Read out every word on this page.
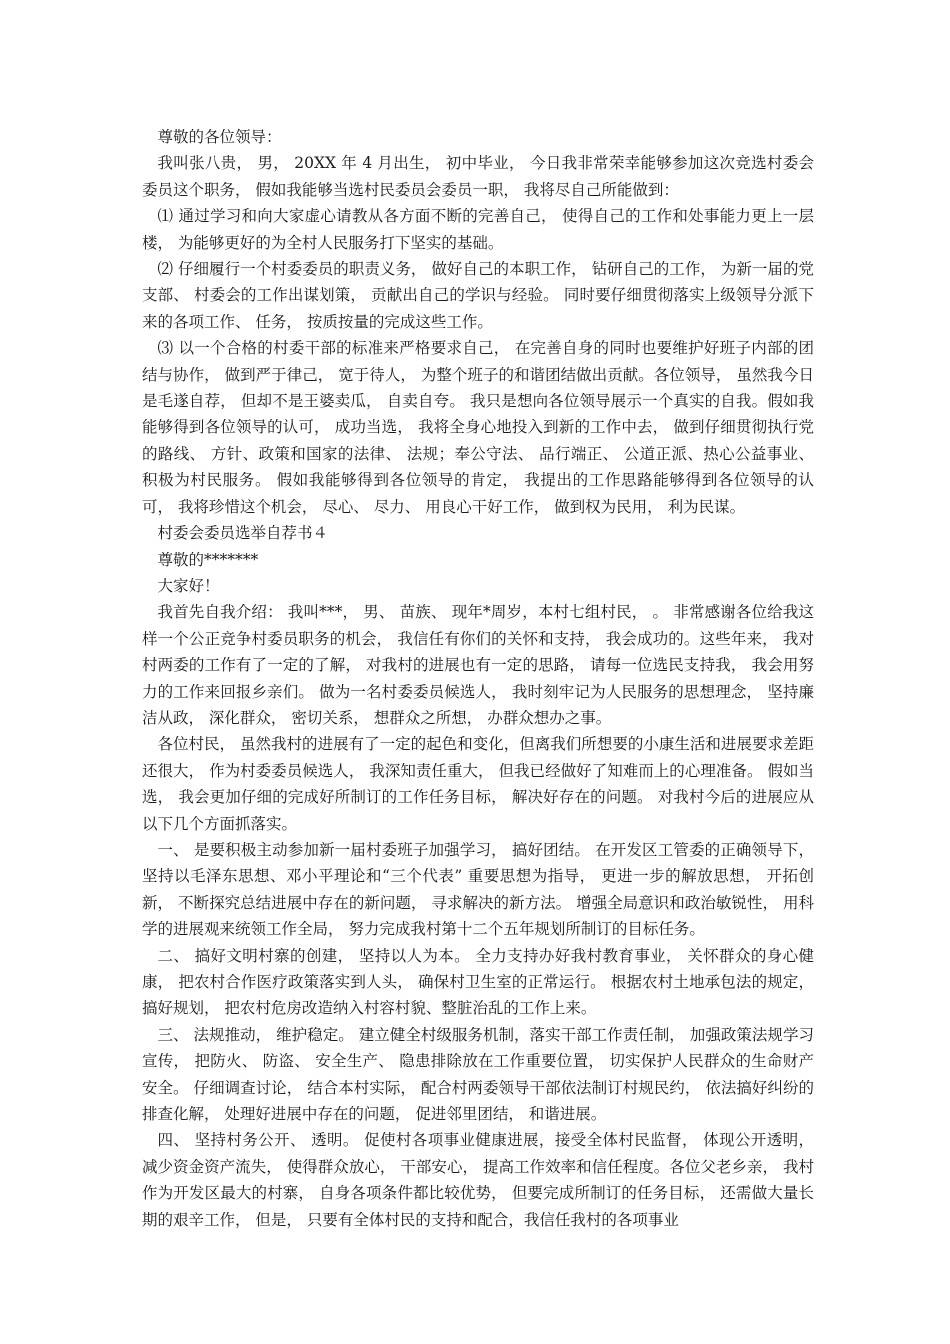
尊敬的各位领导：

我叫张八贵， 男， 20XX 年 4 月出生， 初中毕业， 今日我非常荣幸能够参加这次竞选村委会委员这个职务， 假如我能够当选村民委员会委员一职， 我将尽自己所能做到：

⑴ 通过学习和向大家虚心请教从各方面不断的完善自己， 使得自己的工作和处事能力更上一层楼， 为能够更好的为全村人民服务打下坚实的基础。

⑵ 仔细履行一个村委委员的职责义务， 做好自己的本职工作， 钻研自己的工作， 为新一届的党支部、 村委会的工作出谋划策， 贡献出自己的学识与经验。 同时要仔细贯彻落实上级领导分派下来的各项工作、 任务， 按质按量的完成这些工作。

⑶ 以一个合格的村委干部的标准来严格要求自己， 在完善自身的同时也要维护好班子内部的团结与协作， 做到严于律己， 宽于待人， 为整个班子的和谐团结做出贡献。各位领导， 虽然我今日是毛遂自荐， 但却不是王婆卖瓜， 自卖自夸。 我只是想向各位领导展示一个真实的自我。假如我能够得到各位领导的认可， 成功当选， 我将全身心地投入到新的工作中去， 做到仔细贯彻执行党的路线、 方针、政策和国家的法律、 法规；奉公守法、 品行端正、 公道正派、热心公益事业、 积极为村民服务。 假如我能够得到各位领导的肯定， 我提出的工作思路能够得到各位领导的认可， 我将珍惜这个机会， 尽心、 尽力、 用良心干好工作， 做到权为民用， 利为民谋。

村委会委员选举自荐书４

尊敬的*******

大家好！

我首先自我介绍： 我叫***， 男、 苗族、 现年*周岁，本村七组村民， 。 非常感谢各位给我这样一个公正竞争村委员职务的机会， 我信任有你们的关怀和支持， 我会成功的。这些年来， 我对村两委的工作有了一定的了解， 对我村的进展也有一定的思路， 请每一位选民支持我， 我会用努力的工作来回报乡亲们。 做为一名村委委员候选人， 我时刻牢记为人民服务的思想理念， 坚持廉洁从政， 深化群众， 密切关系， 想群众之所想， 办群众想办之事。

各位村民， 虽然我村的进展有了一定的起色和变化，但离我们所想要的小康生活和进展要求差距还很大， 作为村委委员候选人， 我深知责任重大， 但我已经做好了知难而上的心理准备。 假如当选， 我会更加仔细的完成好所制订的工作任务目标， 解决好存在的问题。 对我村今后的进展应从以下几个方面抓落实。

一、 是要积极主动参加新一届村委班子加强学习， 搞好团结。 在开发区工管委的正确领导下， 坚持以毛泽东思想、邓小平理论和“三个代表” 重要思想为指导， 更进一步的解放思想， 开拓创新， 不断探究总结进展中存在的新问题， 寻求解决的新方法。 增强全局意识和政治敏锐性， 用科学的进展观来统领工作全局， 努力完成我村第十二个五年规划所制订的目标任务。

二、 搞好文明村寨的创建， 坚持以人为本。 全力支持办好我村教育事业， 关怀群众的身心健康， 把农村合作医疗政策落实到人头， 确保村卫生室的正常运行。 根据农村土地承包法的规定， 搞好规划， 把农村危房改造纳入村容村貌、整脏治乱的工作上来。

三、 法规推动， 维护稳定。 建立健全村级服务机制，落实干部工作责任制， 加强政策法规学习宣传， 把防火、 防盗、 安全生产、 隐患排除放在工作重要位置， 切实保护人民群众的生命财产安全。 仔细调查讨论， 结合本村实际， 配合村两委领导干部依法制订村规民约， 依法搞好纠纷的排查化解， 处理好进展中存在的问题， 促进邻里团结， 和谐进展。

四、 坚持村务公开、 透明。 促使村各项事业健康进展，接受全体村民监督， 体现公开透明， 减少资金资产流失， 使得群众放心， 干部安心， 提高工作效率和信任程度。各位父老乡亲， 我村作为开发区最大的村寨， 自身各项条件都比较优势， 但要完成所制订的任务目标， 还需做大量长期的艰辛工作， 但是， 只要有全体村民的支持和配合，我信任我村的各项事业
